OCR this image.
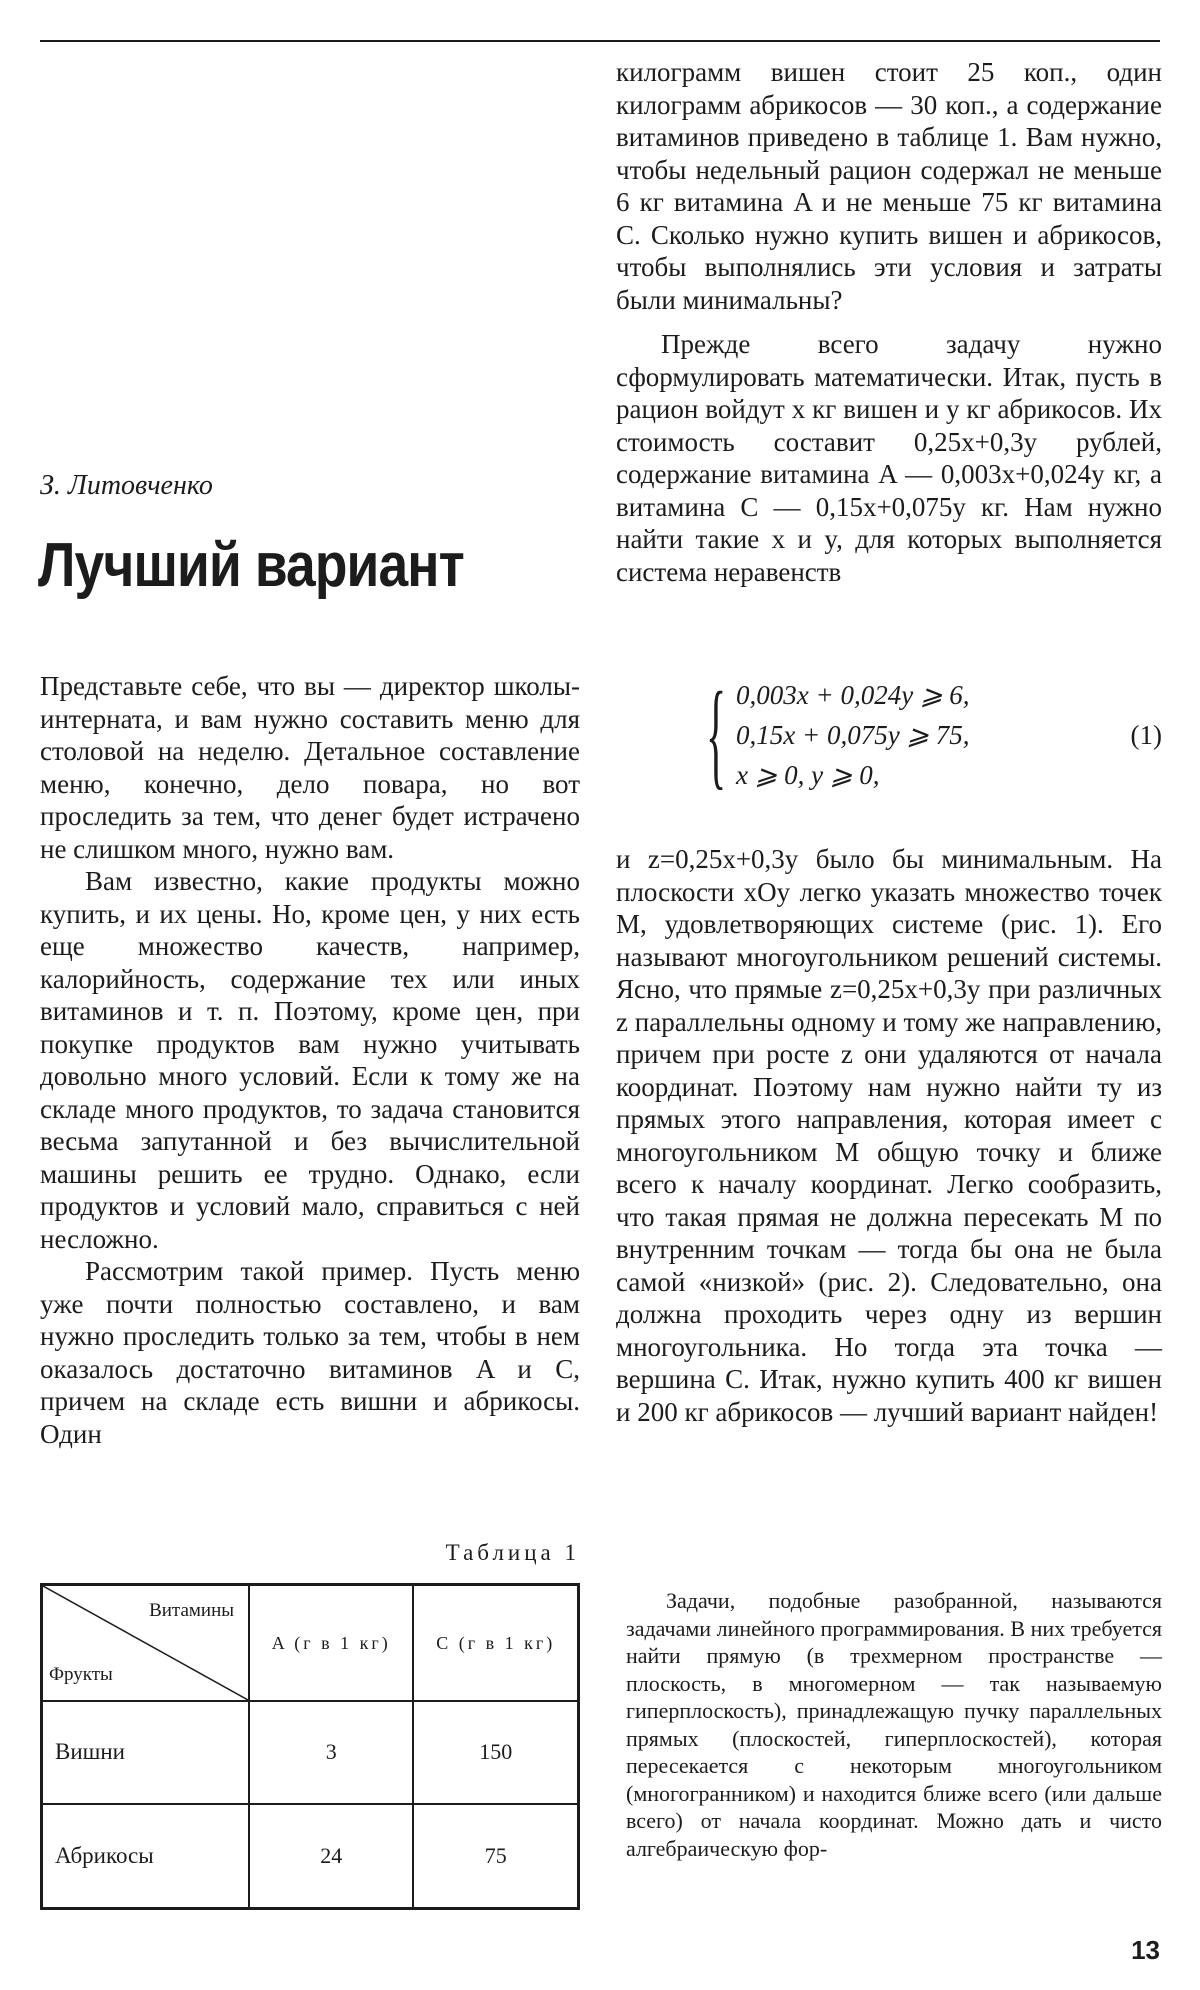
З. Литовченко
Лучший вариант

Представьте себе, что вы — директор школы-интерната, и вам нужно составить меню для столовой на неделю. Детальное составление меню, конечно, дело повара, но вот проследить за тем, что денег будет истрачено не слишком много, нужно вам.

Вам известно, какие продукты можно купить, и их цены. Но, кроме цен, у них есть еще множество качеств, например, калорийность, содержание тех или иных витаминов и т. п. Поэтому, кроме цен, при покупке продуктов вам нужно учитывать довольно много условий. Если к тому же на складе много продуктов, то задача становится весьма запутанной и без вычислительной машины решить ее трудно. Однако, если продуктов и условий мало, справиться с ней несложно.

Рассмотрим такой пример. Пусть меню уже почти полностью составлено, и вам нужно проследить только за тем, чтобы в нем оказалось достаточно витаминов A и C, причем на складе есть вишни и абрикосы. Один

килограмм вишен стоит 25 коп., один килограмм абрикосов — 30 коп., а содержание витаминов приведено в таблице 1. Вам нужно, чтобы недельный рацион содержал не меньше 6 кг витамина A и не меньше 75 кг витамина C. Сколько нужно купить вишен и абрикосов, чтобы выполнялись эти условия и затраты были минимальны?

Прежде всего задачу нужно сформулировать математически. Итак, пусть в рацион войдут x кг вишен и y кг абрикосов. Их стоимость составит 0,25x+0,3y рублей, содержание витамина A — 0,003x+0,024y кг, а витамина C — 0,15x+0,075y кг. Нам нужно найти такие x и y, для которых выполняется система неравенств

{ 0,003x + 0,024y ⩾ 6,
0,15x + 0,075y ⩾ 75,
x ⩾ 0, y ⩾ 0,
(1)

и z=0,25x+0,3y было бы минимальным. На плоскости xOy легко указать множество точек M, удовлетворяющих системе (рис. 1). Его называют многоугольником решений системы. Ясно, что прямые z=0,25x+0,3y при различных z параллельны одному и тому же направлению, причем при росте z они удаляются от начала координат. Поэтому нам нужно найти ту из прямых этого направления, которая имеет с многоугольником M общую точку и ближе всего к началу координат. Легко сообразить, что такая прямая не должна пересекать M по внутренним точкам — тогда бы она не была самой «низкой» (рис. 2). Следовательно, она должна проходить через одну из вершин многоугольника. Но тогда эта точка — вершина C. Итак, нужно купить 400 кг вишен и 200 кг абрикосов — лучший вариант найден!

Таблица 1
Витамины
Фрукты	A (г в 1 кг)	C (г в 1 кг)
Вишни	3	150
Абрикосы	24	75

Задачи, подобные разобранной, называются задачами линейного программирования. В них требуется найти прямую (в трехмерном пространстве — плоскость, в многомерном — так называемую гиперплоскость), принадлежащую пучку параллельных прямых (плоскостей, гиперплоскостей), которая пересекается с некоторым многоугольником (многогранником) и находится ближе всего (или дальше всего) от начала координат. Можно дать и чисто алгебраическую фор-

13
